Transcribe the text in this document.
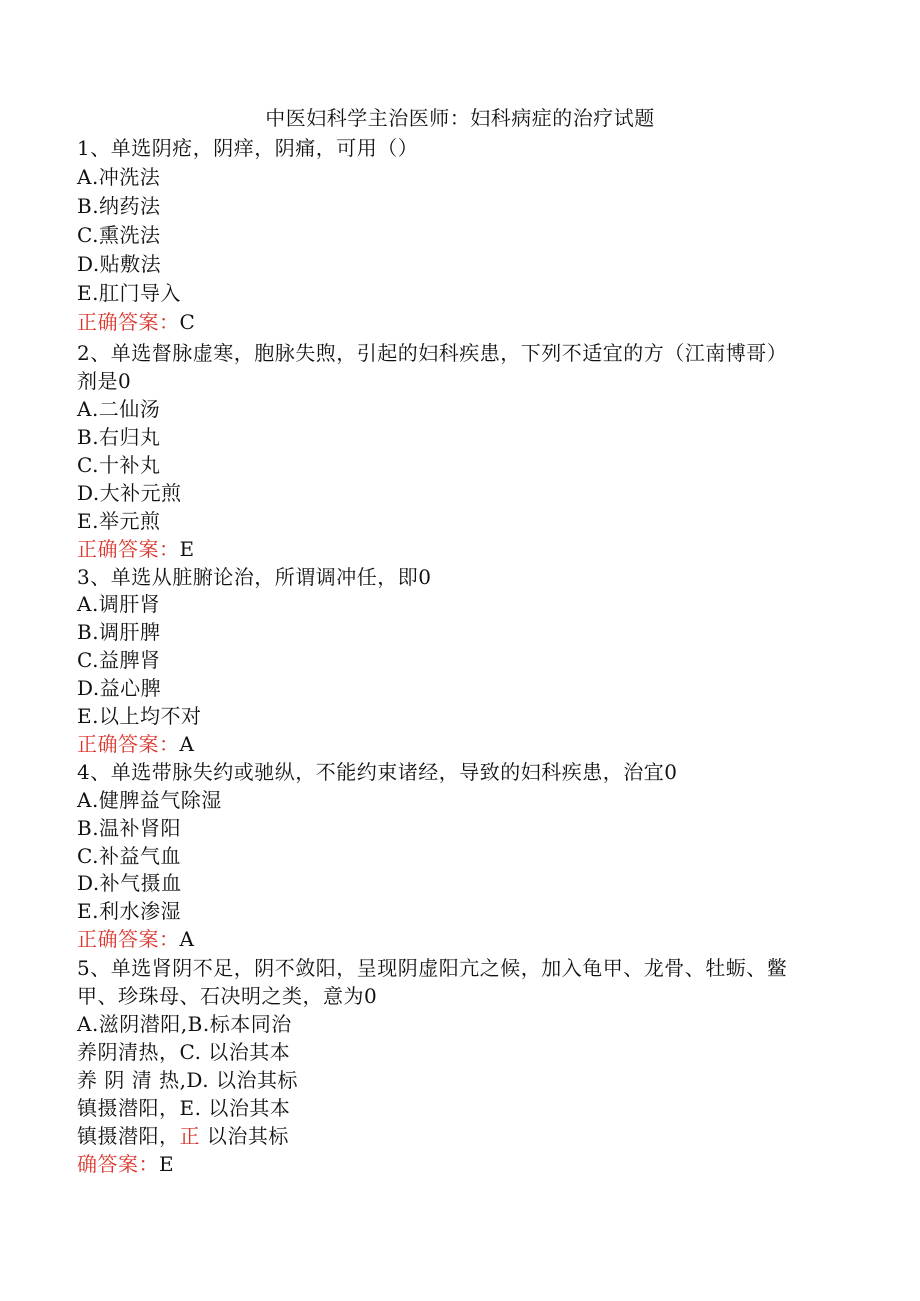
中医妇科学主治医师：妇科病症的治疗试题
1、单选阴疮，阴痒，阴痛，可用（）
A.冲洗法
B.纳药法
C.熏洗法
D.贴敷法
E.肛门导入
正确答案：C
2、单选督脉虚寒，胞脉失煦，引起的妇科疾患，下列不适宜的方（江南博哥）
剂是0
A.二仙汤
B.右归丸
C.十补丸
D.大补元煎
E.举元煎
正确答案：E
3、单选从脏腑论治，所谓调冲任，即0
A.调肝肾
B.调肝脾
C.益脾肾
D.益心脾
E.以上均不对
正确答案：A
4、单选带脉失约或驰纵，不能约束诸经，导致的妇科疾患，治宜0
A.健脾益气除湿
B.温补肾阳
C.补益气血
D.补气摄血
E.利水渗湿
正确答案：A
5、单选肾阴不足，阴不敛阳，呈现阴虚阳亢之候，加入龟甲、龙骨、牡蛎、鳖
甲、珍珠母、石决明之类，意为0
A.滋阴潜阳,B.标本同治
养阴清热，C. 以治其本
养 阴 清 热,D. 以治其标
镇摄潜阳，E. 以治其本
镇摄潜阳，正 以治其标
确答案：E
